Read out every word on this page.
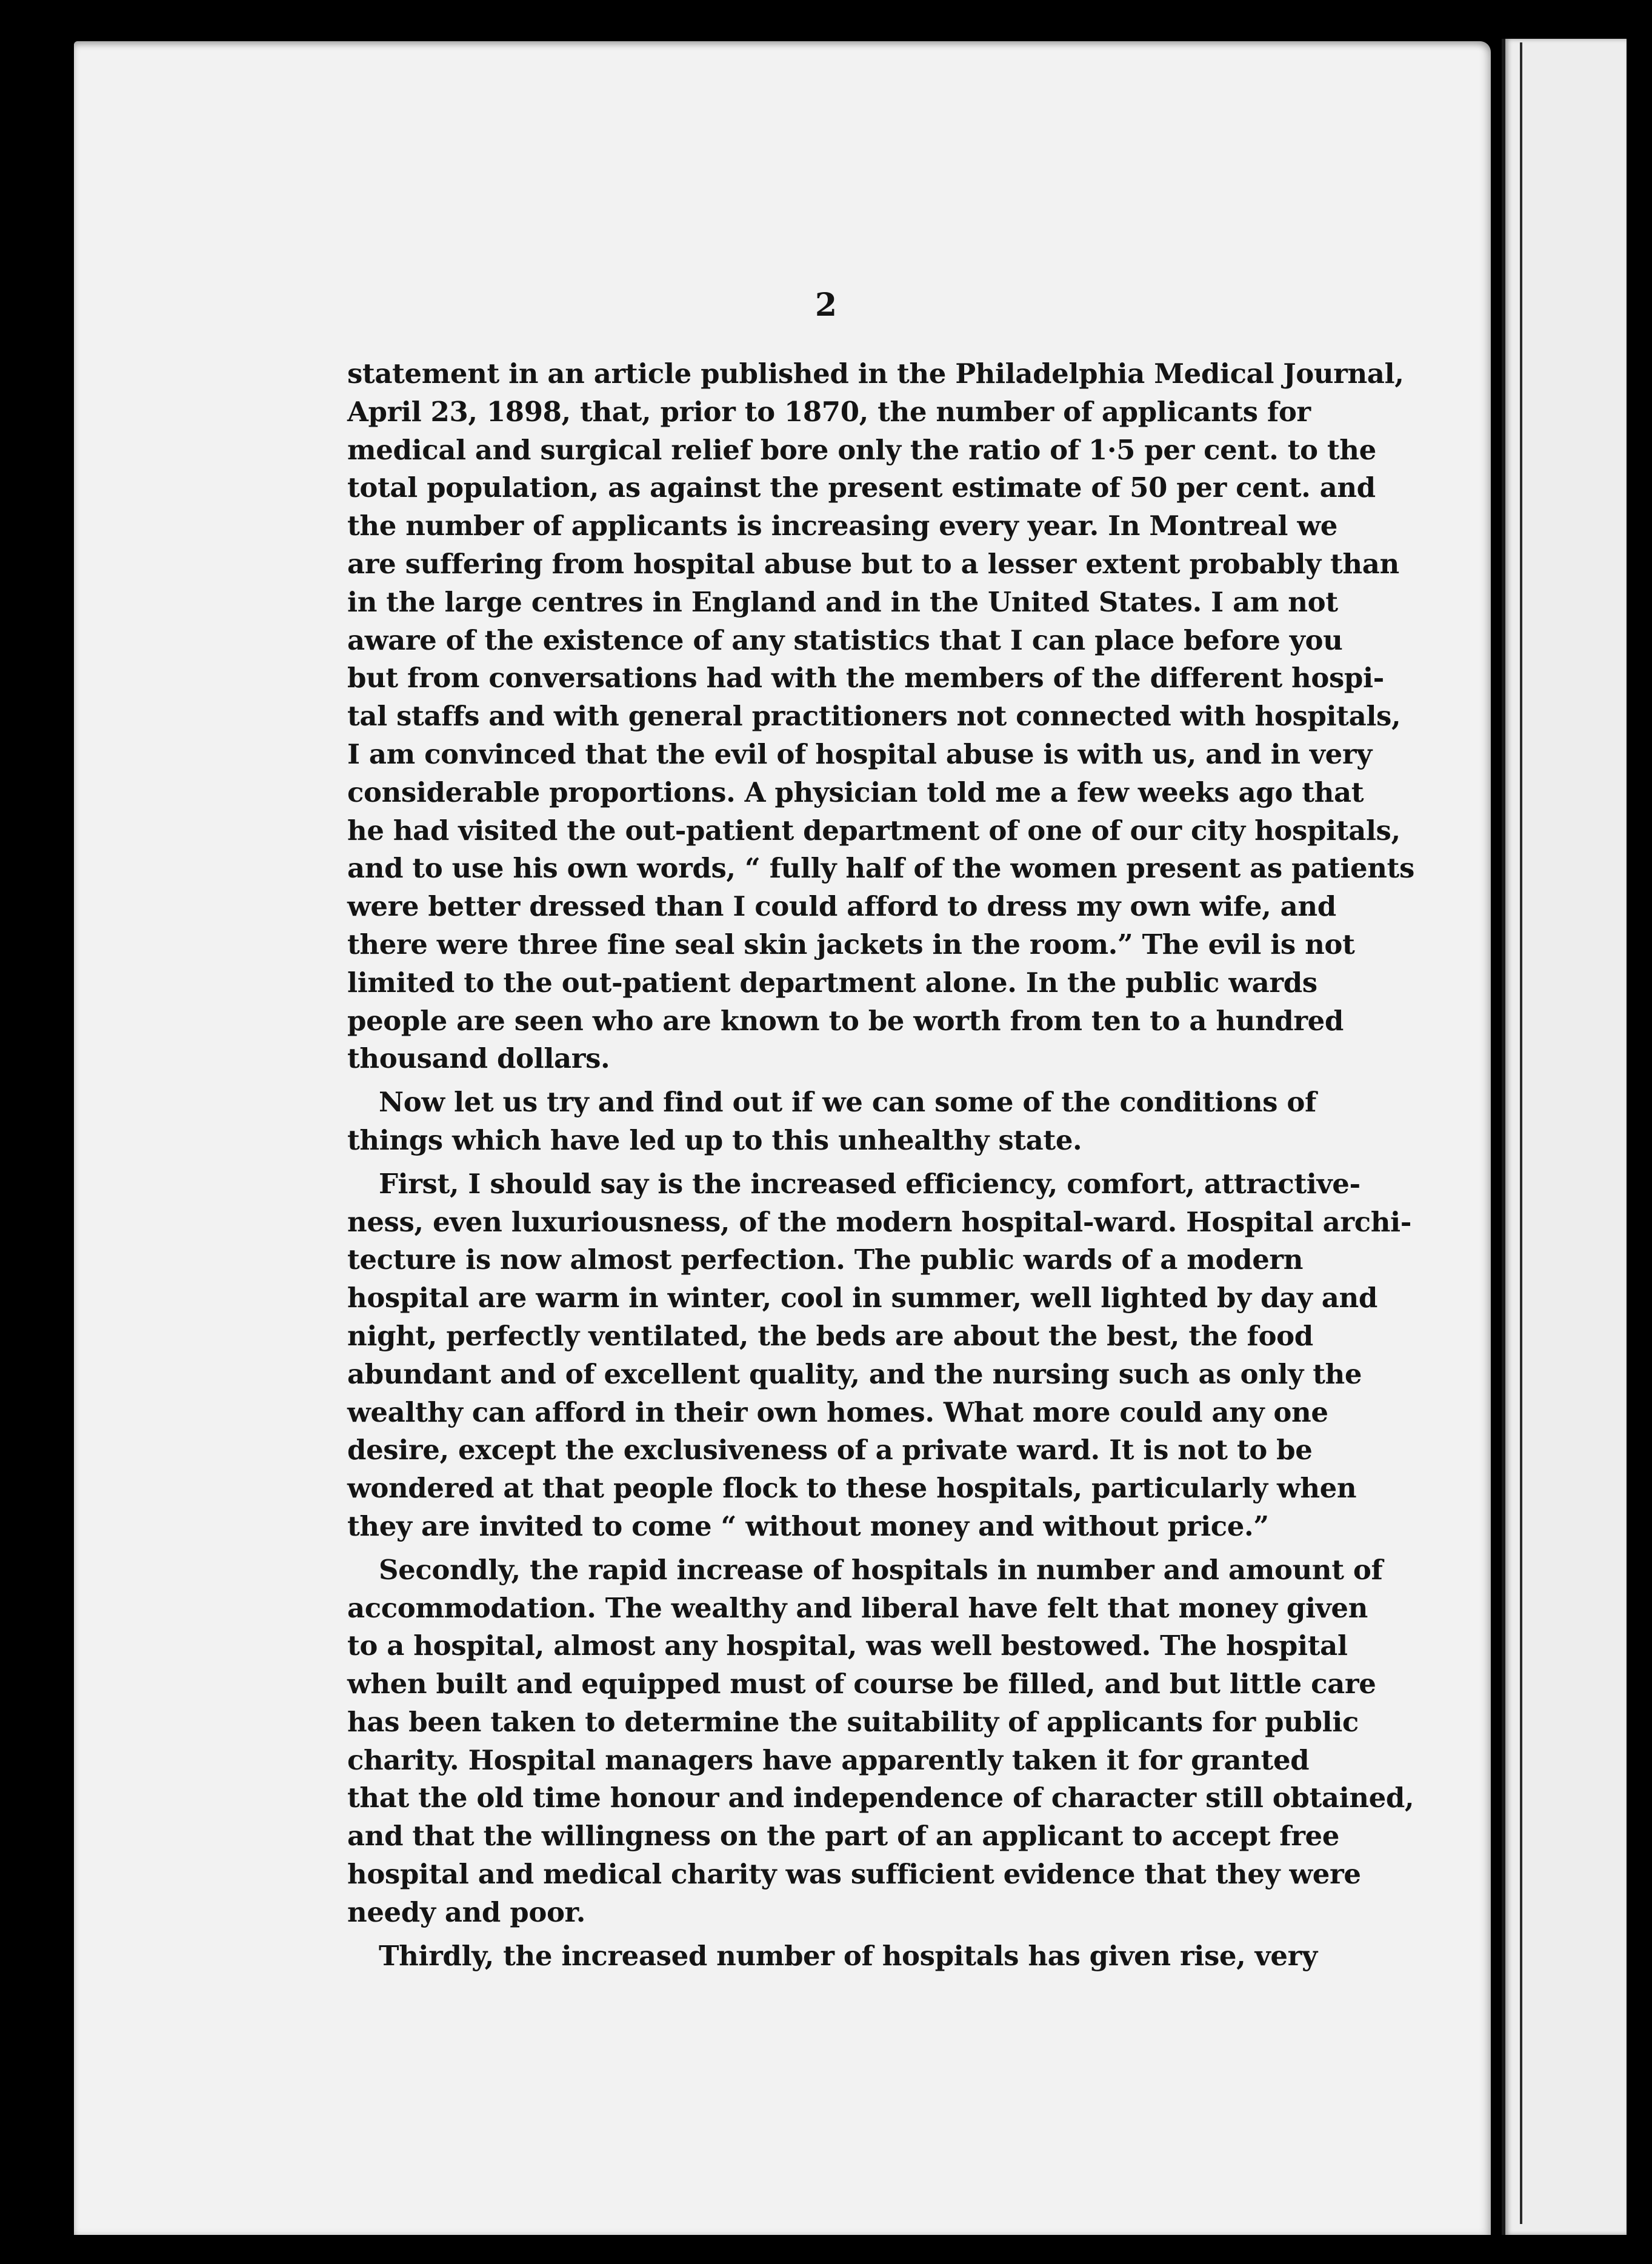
2
statement in an article published in the Philadelphia Medical Journal,
April 23, 1898, that, prior to 1870, the number of applicants for
medical and surgical relief bore only the ratio of 1·5 per cent. to the
total population, as against the present estimate of 50 per cent. and
the number of applicants is increasing every year. In Montreal we
are suffering from hospital abuse but to a lesser extent probably than
in the large centres in England and in the United States. I am not
aware of the existence of any statistics that I can place before you
but from conversations had with the members of the different hospi-
tal staffs and with general practitioners not connected with hospitals,
I am convinced that the evil of hospital abuse is with us, and in very
considerable proportions. A physician told me a few weeks ago that
he had visited the out-patient department of one of our city hospitals,
and to use his own words, “ fully half of the women present as patients
were better dressed than I could afford to dress my own wife, and
there were three fine seal skin jackets in the room.” The evil is not
limited to the out-patient department alone. In the public wards
people are seen who are known to be worth from ten to a hundred
thousand dollars.
Now let us try and find out if we can some of the conditions of
things which have led up to this unhealthy state.
First, I should say is the increased efficiency, comfort, attractive-
ness, even luxuriousness, of the modern hospital-ward. Hospital archi-
tecture is now almost perfection. The public wards of a modern
hospital are warm in winter, cool in summer, well lighted by day and
night, perfectly ventilated, the beds are about the best, the food
abundant and of excellent quality, and the nursing such as only the
wealthy can afford in their own homes. What more could any one
desire, except the exclusiveness of a private ward. It is not to be
wondered at that people flock to these hospitals, particularly when
they are invited to come “ without money and without price.”
Secondly, the rapid increase of hospitals in number and amount of
accommodation. The wealthy and liberal have felt that money given
to a hospital, almost any hospital, was well bestowed. The hospital
when built and equipped must of course be filled, and but little care
has been taken to determine the suitability of applicants for public
charity. Hospital managers have apparently taken it for granted
that the old time honour and independence of character still obtained,
and that the willingness on the part of an applicant to accept free
hospital and medical charity was sufficient evidence that they were
needy and poor.
Thirdly, the increased number of hospitals has given rise, very
